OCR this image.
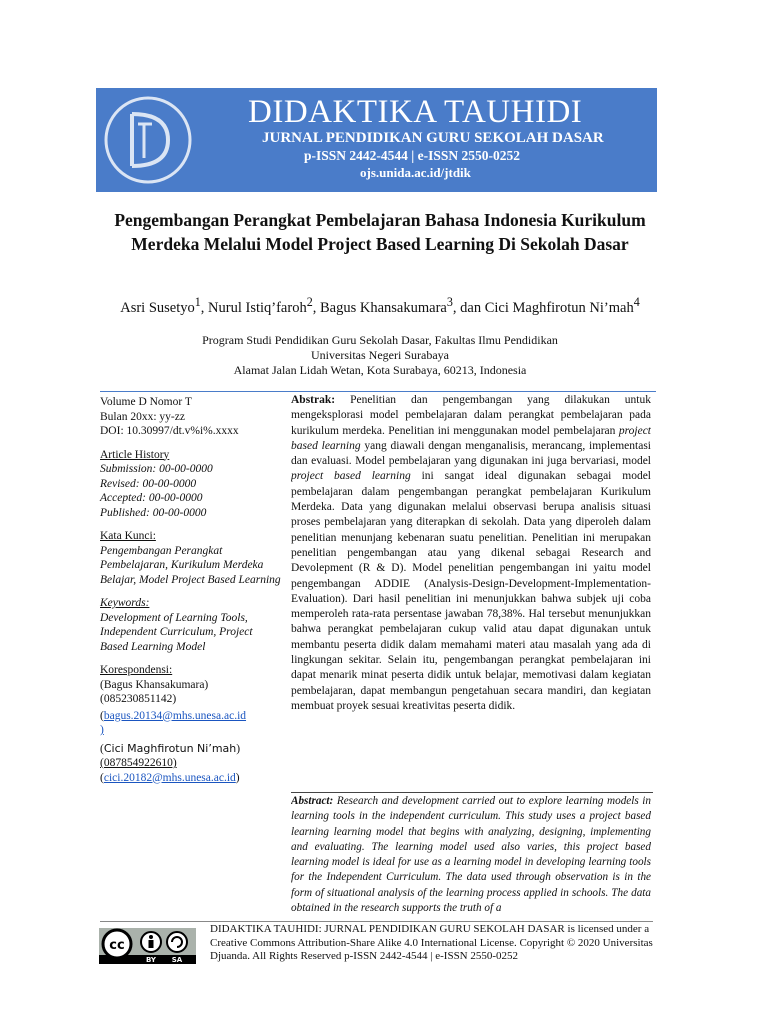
DIDAKTIKA TAUHIDI
JURNAL PENDIDIKAN GURU SEKOLAH DASAR
p-ISSN 2442-4544 | e-ISSN 2550-0252
ojs.unida.ac.id/jtdik
Pengembangan Perangkat Pembelajaran Bahasa Indonesia Kurikulum Merdeka Melalui Model Project Based Learning Di Sekolah Dasar
Asri Susetyo$^1$, Nurul Istiq’faroh$^2$, Bagus Khansakumara$^3$, dan Cici Maghfirotun Ni’mah$^4$
Program Studi Pendidikan Guru Sekolah Dasar, Fakultas Ilmu Pendidikan
Universitas Negeri Surabaya
Alamat Jalan Lidah Wetan, Kota Surabaya, 60213, Indonesia
Volume D Nomor T
Bulan 20xx: yy-zz
DOI: 10.30997/dt.v%i%.xxxx
Article History
Submission: 00-00-0000
Revised: 00-00-0000
Accepted: 00-00-0000
Published: 00-00-0000
Kata Kunci:
Pengembangan Perangkat Pembelajaran, Kurikulum Merdeka Belajar, Model Project Based Learning
Keywords:
Development of Learning Tools, Independent Curriculum, Project Based Learning Model
Korespondensi:
(Bagus Khansakumara)
(085230851142)
(bagus.20134@mhs.unesa.ac.id
)
(Cici Maghfirotun Ni’mah)
(087854922610)
(cici.20182@mhs.unesa.ac.id)
Abstrak: Penelitian dan pengembangan yang dilakukan untuk mengeksplorasi model pembelajaran dalam perangkat pembelajaran pada kurikulum merdeka. Penelitian ini menggunakan model pembelajaran project based learning yang diawali dengan menganalisis, merancang, implementasi dan evaluasi. Model pembelajaran yang digunakan ini juga bervariasi, model project based learning ini sangat ideal digunakan sebagai model pembelajaran dalam pengembangan perangkat pembelajaran Kurikulum Merdeka. Data yang digunakan melalui observasi berupa analisis situasi proses pembelajaran yang diterapkan di sekolah. Data yang diperoleh dalam penelitian menunjang kebenaran suatu penelitian. Penelitian ini merupakan penelitian pengembangan atau yang dikenal sebagai Research and Devolepment (R & D). Model penelitian pengembangan ini yaitu model pengembangan ADDIE (Analysis-Design-Development-Implementation-Evaluation). Dari hasil penelitian ini menunjukkan bahwa subjek uji coba memperoleh rata-rata persentase jawaban 78,38%. Hal tersebut menunjukkan bahwa perangkat pembelajaran cukup valid atau dapat digunakan untuk membantu peserta didik dalam memahami materi atau masalah yang ada di lingkungan sekitar. Selain itu, pengembangan perangkat pembelajaran ini dapat menarik minat peserta didik untuk belajar, memotivasi dalam kegiatan pembelajaran, dapat membangun pengetahuan secara mandiri, dan kegiatan membuat proyek sesuai kreativitas peserta didik.
Abstract: Research and development carried out to explore learning models in learning tools in the independent curriculum. This study uses a project based learning learning model that begins with analyzing, designing, implementing and evaluating. The learning model used also varies, this project based learning model is ideal for use as a learning model in developing learning tools for the Independent Curriculum. The data used through observation is in the form of situational analysis of the learning process applied in schools. The data obtained in the research supports the truth of a
cc
BY SA
DIDAKTIKA TAUHIDI: JURNAL PENDIDIKAN GURU SEKOLAH DASAR is licensed under a Creative Commons Attribution-Share Alike 4.0 International License. Copyright © 2020 Universitas Djuanda. All Rights Reserved p-ISSN 2442-4544 | e-ISSN 2550-0252
